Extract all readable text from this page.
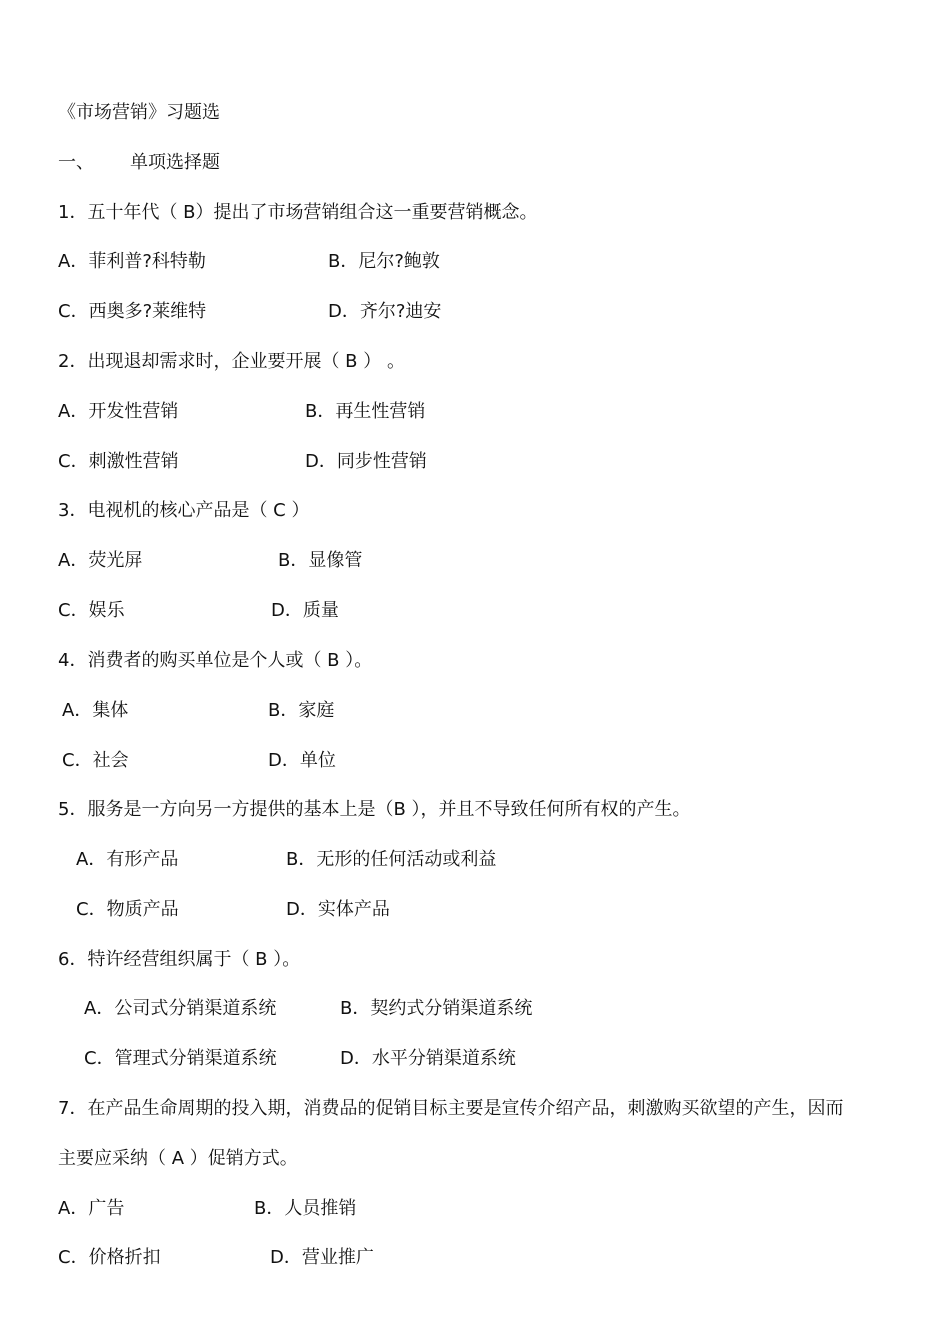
《市场营销》习题选
一、 单项选择题
1．五十年代（ B）提出了市场营销组合这一重要营销概念。
A．菲利普?科特勒	B．尼尔?鲍敦
C．西奥多?莱维特	D．齐尔?迪安
2．出现退却需求时，企业要开展（ B ） 。
A．开发性营销	B．再生性营销
C．刺激性营销	D．同步性营销
3．电视机的核心产品是（ C ）
A．荧光屏	B．显像管
C．娱乐	D．质量
4．消费者的购买单位是个人或（ B ）。
A．集体	B．家庭
C．社会	D．单位
5．服务是一方向另一方提供的基本上是（B ），并且不导致任何所有权的产生。
A．有形产品	B．无形的任何活动或利益
C．物质产品	D．实体产品
6．特许经营组织属于（ B ）。
A．公司式分销渠道系统	B．契约式分销渠道系统
C．管理式分销渠道系统	D．水平分销渠道系统
7．在产品生命周期的投入期，消费品的促销目标主要是宣传介绍产品，刺激购买欲望的产生，因而
主要应采纳（ A ）促销方式。
A．广告	B．人员推销
C．价格折扣	D．营业推广
